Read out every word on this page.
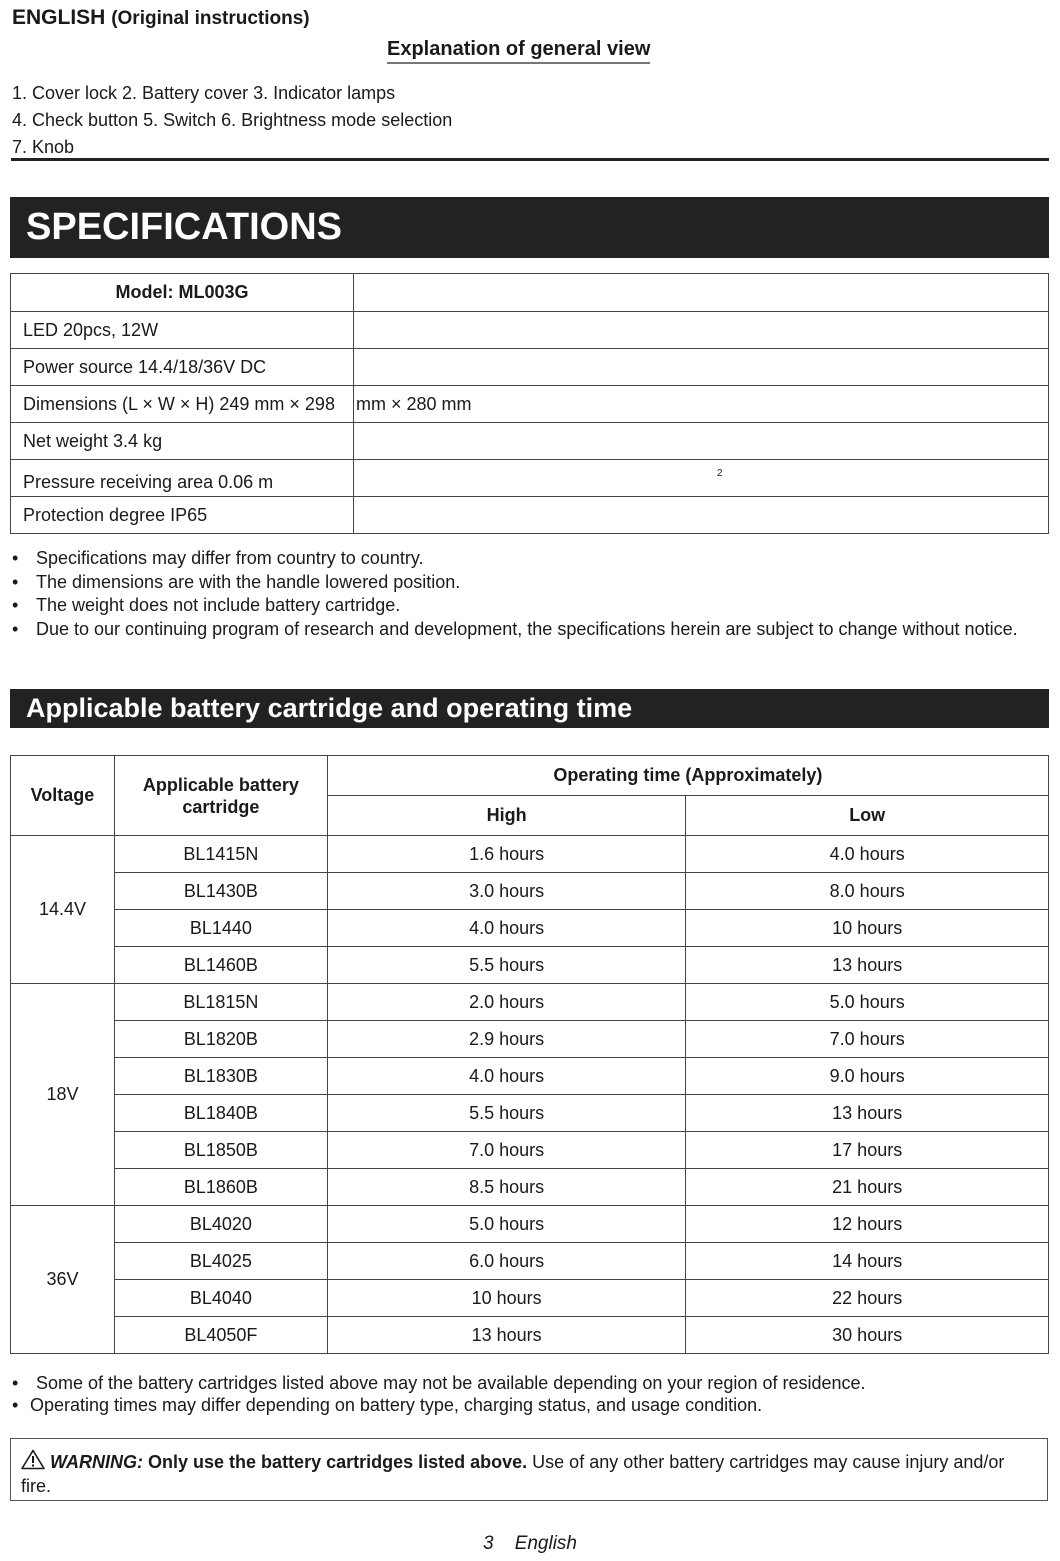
ENGLISH (Original instructions)
Explanation of general view
1. Cover lock 2. Battery cover 3. Indicator lamps
4. Check button 5. Switch 6. Brightness mode selection
7. Knob
SPECIFICATIONS
Model: ML003G	
LED 20pcs, 12W	
Power source 14.4/18/36V DC	
Dimensions (L × W × H) 249 mm × 298	mm × 280 mm
Net weight 3.4 kg	
Pressure receiving area 0.06 m	2
Protection degree IP65	
• Specifications may differ from country to country.
• The dimensions are with the handle lowered position.
• The weight does not include battery cartridge.
• Due to our continuing program of research and development, the specifications herein are subject to change without notice.
Applicable battery cartridge and operating time
Voltage	Applicable battery cartridge	Operating time (Approximately)	
		High	Low
14.4V	BL1415N	1.6 hours	4.0 hours
	BL1430B	3.0 hours	8.0 hours
	BL1440	4.0 hours	10 hours
	BL1460B	5.5 hours	13 hours
18V	BL1815N	2.0 hours	5.0 hours
	BL1820B	2.9 hours	7.0 hours
	BL1830B	4.0 hours	9.0 hours
	BL1840B	5.5 hours	13 hours
	BL1850B	7.0 hours	17 hours
	BL1860B	8.5 hours	21 hours
36V	BL4020	5.0 hours	12 hours
	BL4025	6.0 hours	14 hours
	BL4040	10 hours	22 hours
	BL4050F	13 hours	30 hours
• Some of the battery cartridges listed above may not be available depending on your region of residence.
• Operating times may differ depending on battery type, charging status, and usage condition.
WARNING: Only use the battery cartridges listed above. Use of any other battery cartridges may cause injury and/or fire.
3 English
